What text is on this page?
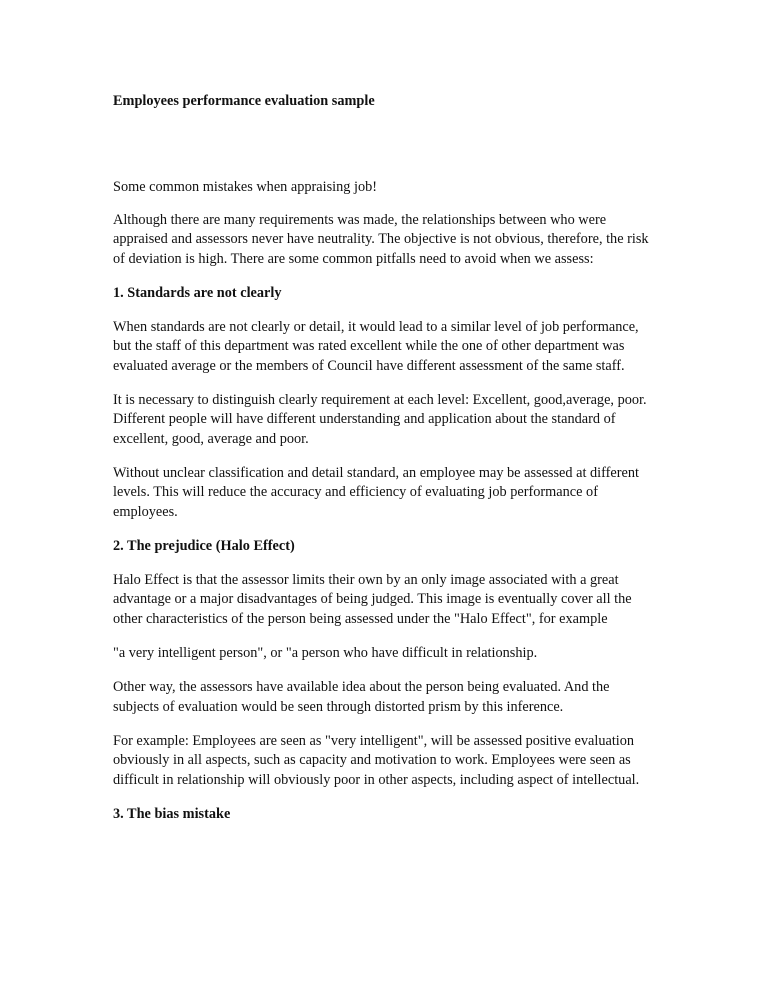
Employees performance evaluation sample

Some common mistakes when appraising job!

Although there are many requirements was made, the relationships between who were appraised and assessors never have neutrality. The objective is not obvious, therefore, the risk of deviation is high. There are some common pitfalls need to avoid when we assess:

1. Standards are not clearly

When standards are not clearly or detail, it would lead to a similar level of job performance, but the staff of this department was rated excellent while the one of other department was evaluated average or the members of Council have different assessment of the same staff.

It is necessary to distinguish clearly requirement at each level: Excellent, good,average, poor. Different people will have different understanding and application about the standard of excellent, good, average and poor.

Without unclear classification and detail standard, an employee may be assessed at different levels. This will reduce the accuracy and efficiency of evaluating job performance of employees.

2. The prejudice (Halo Effect)

Halo Effect is that the assessor limits their own by an only image associated with a great advantage or a major disadvantages of being judged. This image is eventually cover all the other characteristics of the person being assessed under the "Halo Effect", for example

"a very intelligent person", or "a person who have difficult in relationship.

Other way, the assessors have available idea about the person being evaluated. And the subjects of evaluation would be seen through distorted prism by this inference.

For example: Employees are seen as "very intelligent", will be assessed positive evaluation obviously in all aspects, such as capacity and motivation to work. Employees were seen as difficult in relationship will obviously poor in other aspects, including aspect of intellectual.

3. The bias mistake
